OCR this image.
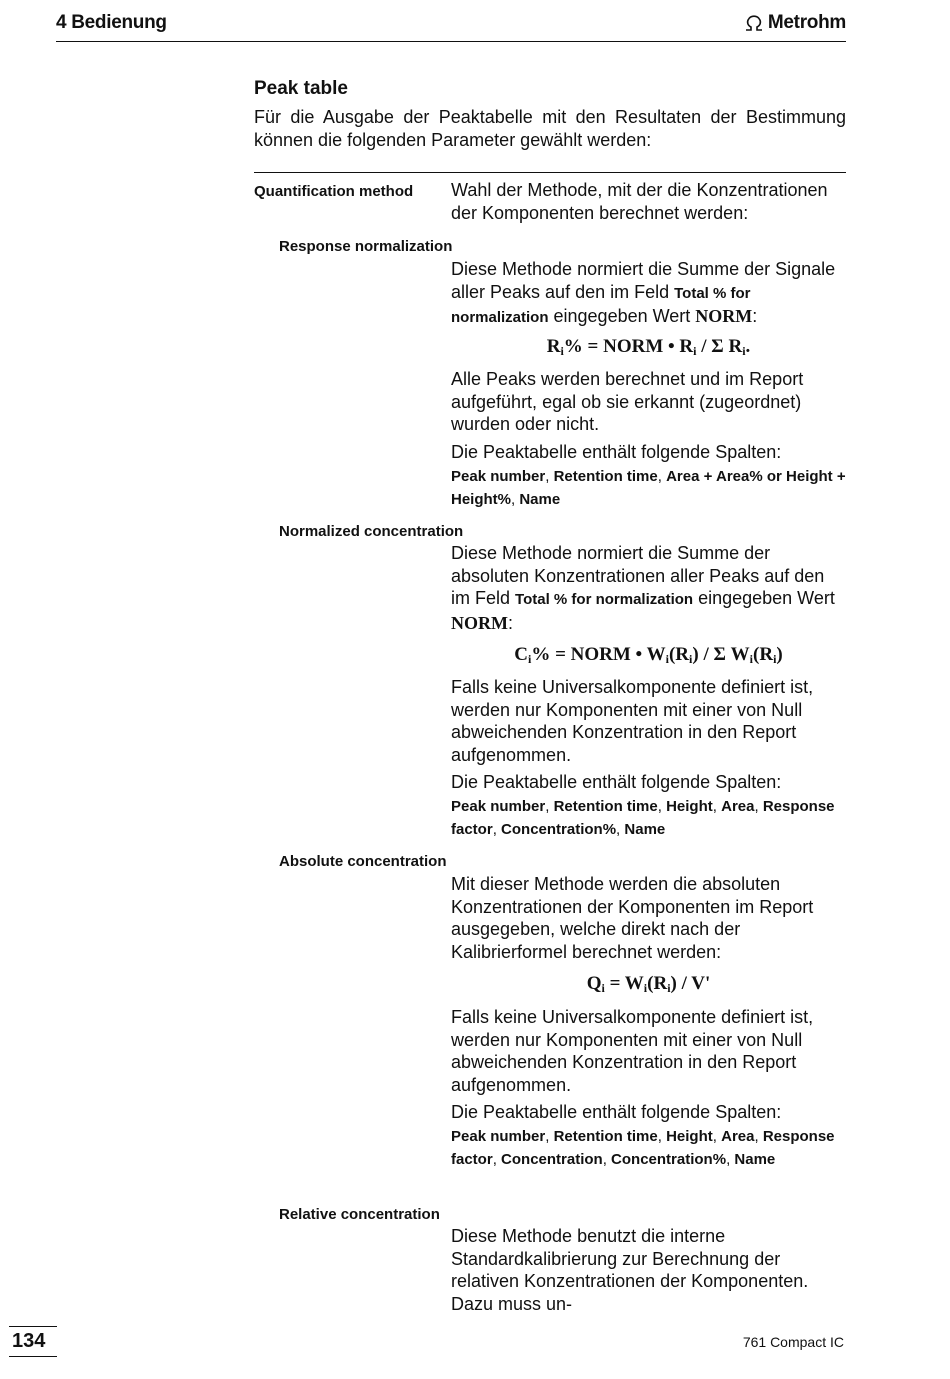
4 Bedienung	Metrohm
Peak table
Für die Ausgabe der Peaktabelle mit den Resultaten der Bestimmung können die folgenden Parameter gewählt werden:
Quantification method Wahl der Methode, mit der die Konzentrationen der Komponenten berechnet werden:
Response normalization

Diese Methode normiert die Summe der Signale aller Peaks auf den im Feld Total % for normalization eingegeben Wert NORM:

$R_i\%$ = NORM • $R_i$ / Σ $R_i$.
Alle Peaks werden berechnet und im Report aufgeführt, egal ob sie erkannt (zugeordnet) wurden oder nicht.
Die Peaktabelle enthält folgende Spalten:
Peak number, Retention time, Area + Area% or Height + Height%, Name
Normalized concentration

Diese Methode normiert die Summe der absoluten Konzentrationen aller Peaks auf den im Feld Total % for normalization eingegeben Wert NORM:

$C_i\%$ = NORM • $W_i(R_i)$ / Σ $W_i(R_i)$
Falls keine Universalkomponente definiert ist, werden nur Komponenten mit einer von Null abweichenden Konzentration in den Report aufgenommen.
Die Peaktabelle enthält folgende Spalten:
Peak number, Retention time, Height, Area, Response factor, Concentration%, Name
Absolute concentration
Mit dieser Methode werden die absoluten Konzentrationen der Komponenten im Report ausgegeben, welche direkt nach der Kalibrierformel berechnet werden:
$Q_i = W_i(R_i) / V'$
Falls keine Universalkomponente definiert ist, werden nur Komponenten mit einer von Null abweichenden Konzentration in den Report aufgenommen.
Die Peaktabelle enthält folgende Spalten:
Peak number, Retention time, Height, Area, Response factor, Concentration, Concentration%, Name
Relative concentration
Diese Methode benutzt die interne Standardkalibrierung zur Berechnung der relativen Konzentrationen der Komponenten. Dazu muss un-
134	761 Compact IC
